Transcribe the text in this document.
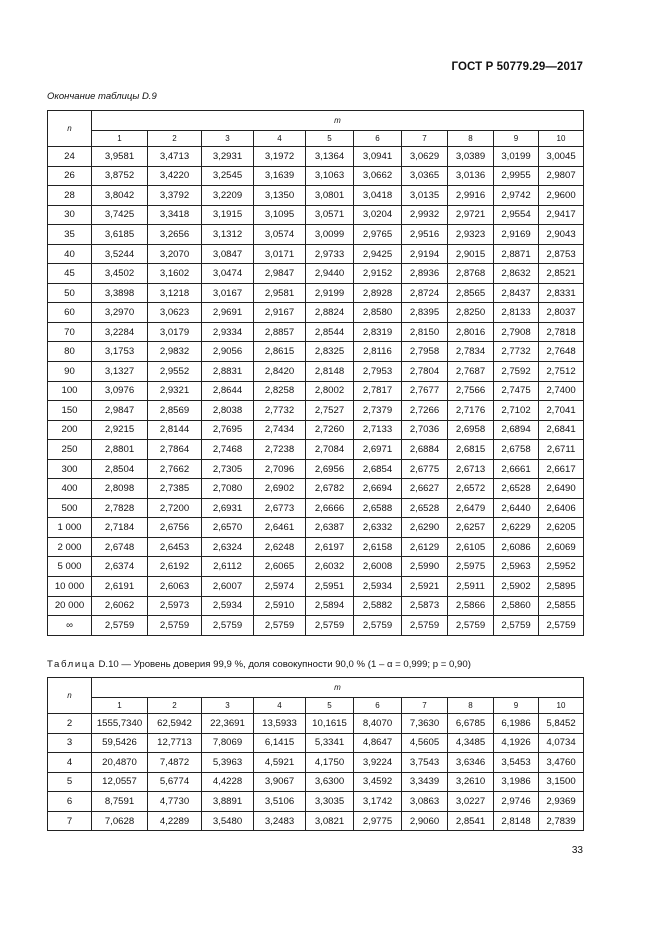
ГОСТ Р 50779.29—2017
Окончание таблицы D.9
n	m									
	1	2	3	4	5	6	7	8	9	10
24	3,9581	3,4713	3,2931	3,1972	3,1364	3,0941	3,0629	3,0389	3,0199	3,0045
26	3,8752	3,4220	3,2545	3,1639	3,1063	3,0662	3,0365	3,0136	2,9955	2,9807
28	3,8042	3,3792	3,2209	3,1350	3,0801	3,0418	3,0135	2,9916	2,9742	2,9600
30	3,7425	3,3418	3,1915	3,1095	3,0571	3,0204	2,9932	2,9721	2,9554	2,9417
35	3,6185	3,2656	3,1312	3,0574	3,0099	2,9765	2,9516	2,9323	2,9169	2,9043
40	3,5244	3,2070	3,0847	3,0171	2,9733	2,9425	2,9194	2,9015	2,8871	2,8753
45	3,4502	3,1602	3,0474	2,9847	2,9440	2,9152	2,8936	2,8768	2,8632	2,8521
50	3,3898	3,1218	3,0167	2,9581	2,9199	2,8928	2,8724	2,8565	2,8437	2,8331
60	3,2970	3,0623	2,9691	2,9167	2,8824	2,8580	2,8395	2,8250	2,8133	2,8037
70	3,2284	3,0179	2,9334	2,8857	2,8544	2,8319	2,8150	2,8016	2,7908	2,7818
80	3,1753	2,9832	2,9056	2,8615	2,8325	2,8116	2,7958	2,7834	2,7732	2,7648
90	3,1327	2,9552	2,8831	2,8420	2,8148	2,7953	2,7804	2,7687	2,7592	2,7512
100	3,0976	2,9321	2,8644	2,8258	2,8002	2,7817	2,7677	2,7566	2,7475	2,7400
150	2,9847	2,8569	2,8038	2,7732	2,7527	2,7379	2,7266	2,7176	2,7102	2,7041
200	2,9215	2,8144	2,7695	2,7434	2,7260	2,7133	2,7036	2,6958	2,6894	2,6841
250	2,8801	2,7864	2,7468	2,7238	2,7084	2,6971	2,6884	2,6815	2,6758	2,6711
300	2,8504	2,7662	2,7305	2,7096	2,6956	2,6854	2,6775	2,6713	2,6661	2,6617
400	2,8098	2,7385	2,7080	2,6902	2,6782	2,6694	2,6627	2,6572	2,6528	2,6490
500	2,7828	2,7200	2,6931	2,6773	2,6666	2,6588	2,6528	2,6479	2,6440	2,6406
1 000	2,7184	2,6756	2,6570	2,6461	2,6387	2,6332	2,6290	2,6257	2,6229	2,6205
2 000	2,6748	2,6453	2,6324	2,6248	2,6197	2,6158	2,6129	2,6105	2,6086	2,6069
5 000	2,6374	2,6192	2,6112	2,6065	2,6032	2,6008	2,5990	2,5975	2,5963	2,5952
10 000	2,6191	2,6063	2,6007	2,5974	2,5951	2,5934	2,5921	2,5911	2,5902	2,5895
20 000	2,6062	2,5973	2,5934	2,5910	2,5894	2,5882	2,5873	2,5866	2,5860	2,5855
∞	2,5759	2,5759	2,5759	2,5759	2,5759	2,5759	2,5759	2,5759	2,5759	2,5759
Таблица D.10 — Уровень доверия 99,9 %, доля совокупности 90,0 % (1 – α = 0,999; p = 0,90)
n	m									
	1	2	3	4	5	6	7	8	9	10
2	1555,7340	62,5942	22,3691	13,5933	10,1615	8,4070	7,3630	6,6785	6,1986	5,8452
3	59,5426	12,7713	7,8069	6,1415	5,3341	4,8647	4,5605	4,3485	4,1926	4,0734
4	20,4870	7,4872	5,3963	4,5921	4,1750	3,9224	3,7543	3,6346	3,5453	3,4760
5	12,0557	5,6774	4,4228	3,9067	3,6300	3,4592	3,3439	3,2610	3,1986	3,1500
6	8,7591	4,7730	3,8891	3,5106	3,3035	3,1742	3,0863	3,0227	2,9746	2,9369
7	7,0628	4,2289	3,5480	3,2483	3,0821	2,9775	2,9060	2,8541	2,8148	2,7839
33
